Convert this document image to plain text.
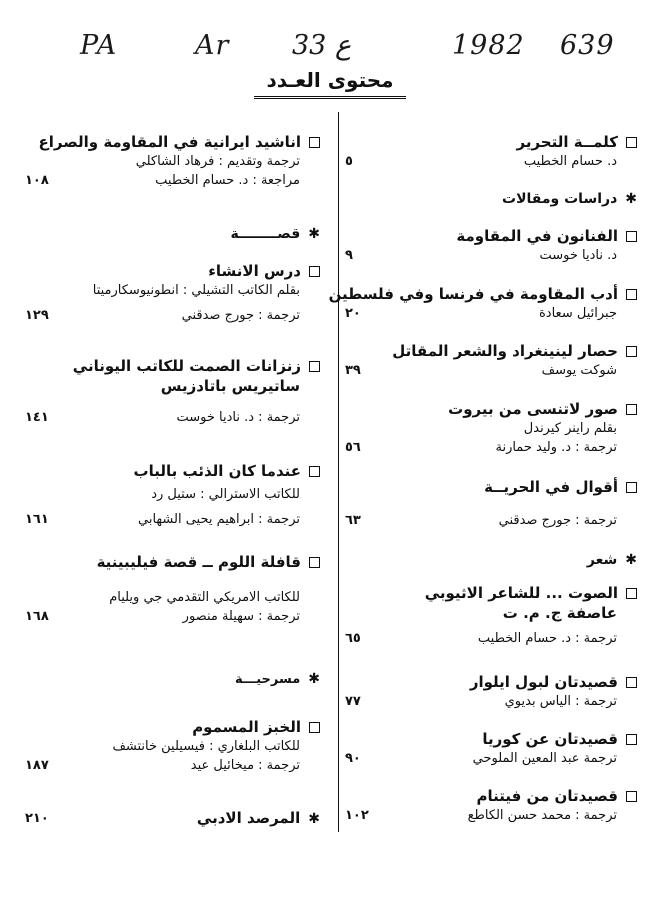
PA	Ar 33 ع	1982 639
محتوى العـدد
كلمــة التحرير
د. حسام الخطيب
٥
✱دراسات ومقالات
الفنانون في المقاومة
د. ناديا خوست
٩
أدب المقاومة في فرنسا وفي فلسطين
جبرائيل سعادة
٢٠
حصار لينينغراد والشعر المقاتل
شوكت يوسف
٣٩
صور لاتنسى من بيروت
بقلم راينر كيرندل
ترجمة : د. وليد حمارنة
٥٦
أقوال في الحريــة
ترجمة : جورج صدقني
٦٣
✱شعر
الصوت ... للشاعر الاثيوبي
عاصفة ج. م. ت
ترجمة : د. حسام الخطيب
٦٥
قصيدتان لبول ايلوار
ترجمة : الياس بديوي
٧٧
قصيدتان عن كوريا
ترجمة عبد المعين الملوحي
٩٠
قصيدتان من فيتنام
ترجمة : محمد حسن الكاطع
١٠٢
اناشيد ايرانية في المقاومة والصراع
ترجمة وتقديم : فرهاد الشاكلي
مراجعة : د. حسام الخطيب
١٠٨
✱قصــــــــة
درس الانشاء
بقلم الكاتب التشيلي : انطونيوسكارميتا
ترجمة : جورج صدقني
١٢٩
زنزانات الصمت للكاتب اليوناني
ساتيريس باتادزيس
ترجمة : د. ناديا خوست
١٤١
عندما كان الذئب بالباب
للكاتب الاسترالي : ستيل رد
ترجمة : ابراهيم يحيى الشهابي
١٦١
قافلة اللوم ــ قصة فيليبينية
للكاتب الامريكي التقدمي جي ويليام
ترجمة : سهيلة منصور
١٦٨
✱مسرحيـــة
الخبز المسموم
للكاتب البلغاري : فيسيلين خانتشف
ترجمة : ميخائيل عيد
١٨٧
✱المرصد الادبي
٢١٠
